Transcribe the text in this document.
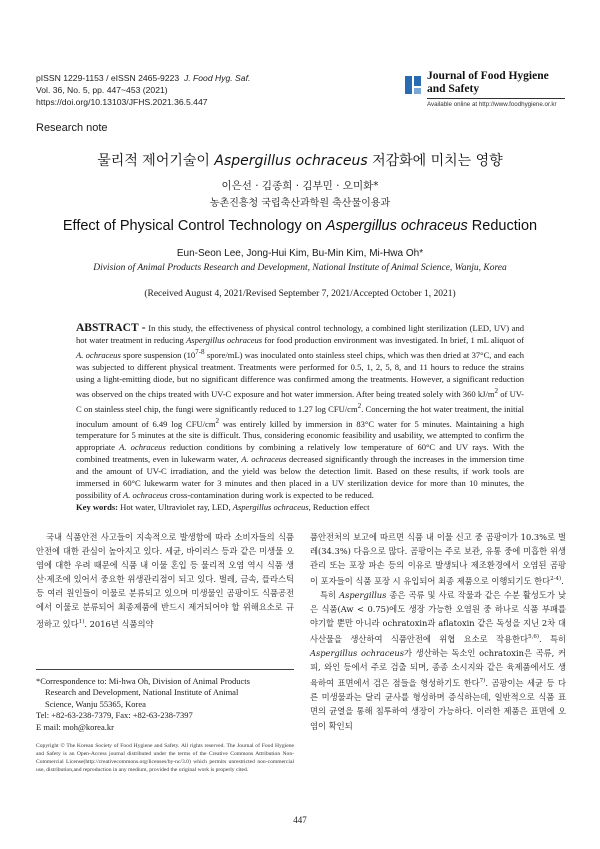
pISSN 1229-1153 / eISSN 2465-9223 J. Food Hyg. Saf.
Vol. 36, No. 5, pp. 447~453 (2021)
https://doi.org/10.13103/JFHS.2021.36.5.447
Journal of Food Hygiene and Safety
Available online at http://www.foodhygiene.or.kr
Research note
물리적 제어기술이 Aspergillus ochraceus 저감화에 미치는 영향
이은선 · 김종희 · 김부민 · 오미화*
농촌진흥청 국립축산과학원 축산물이용과
Effect of Physical Control Technology on Aspergillus ochraceus Reduction
Eun-Seon Lee, Jong-Hui Kim, Bu-Min Kim, Mi-Hwa Oh*
Division of Animal Products Research and Development, National Institute of Animal Science, Wanju, Korea
(Received August 4, 2021/Revised September 7, 2021/Accepted October 1, 2021)
ABSTRACT - In this study, the effectiveness of physical control technology, a combined light sterilization (LED, UV) and hot water treatment in reducing Aspergillus ochraceus for food production environment was investigated. In brief, 1 mL aliquot of A. ochraceus spore suspension (10$^{7-8}$ spore/mL) was inoculated onto stainless steel chips, which was then dried at 37°C, and each was subjected to different physical treatment. Treatments were performed for 0.5, 1, 2, 5, 8, and 11 hours to reduce the strains using a light-emitting diode, but no significant difference was confirmed among the treatments. However, a significant reduction was observed on the chips treated with UV-C exposure and hot water immersion. After being treated solely with 360 $kJ/m^2$ of UV-C on stainless steel chip, the fungi were significantly reduced to 1.27 log CFU/$cm^2$. Concerning the hot water treatment, the initial inoculum amount of 6.49 log CFU/$cm^2$ was entirely killed by immersion in 83°C water for 5 minutes. Maintaining a high temperature for 5 minutes at the site is difficult. Thus, considering economic feasibility and usability, we attempted to confirm the appropriate A. ochraceus reduction conditions by combining a relatively low temperature of 60°C and UV rays. With the combined treatments, even in lukewarm water, A. ochraceus decreased significantly through the increases in the immersion time and the amount of UV-C irradiation, and the yield was below the detection limit. Based on these results, if work tools are immersed in 60°C lukewarm water for 3 minutes and then placed in a UV sterilization device for more than 10 minutes, the possibility of A. ochraceus cross-contamination during work is expected to be reduced.
Key words: Hot water, Ultraviolet ray, LED, Aspergillus ochraceus, Reduction effect
국내 식품안전 사고들이 지속적으로 발생함에 따라 소비자들의 식품안전에 대한 관심이 높아지고 있다. 세균, 바이러스 등과 같은 미생물 오염에 대한 우려 때문에 식품 내 이물 혼입 등 물리적 오염 역시 식품 생산·제조에 있어서 중요한 위생관리점이 되고 있다. 벌레, 금속, 플라스틱 등 여러 원인들이 이물로 분류되고 있으며 미생물인 곰팡이도 식품공전에서 이물로 분류되어 최종제품에 반드시 제거되어야 할 위해요소로 규정하고 있다$^{1)}$. 2016년 식품의약

품안전처의 보고에 따르면 식품 내 이물 신고 중 곰팡이가 10.3%로 벌레(34.3%) 다음으로 많다. 곰팡이는 주로 보관, 유통 중에 미흡한 위생관리 또는 포장 파손 등의 이유로 발생되나 제조환경에서 오염된 곰팡이 포자들이 식품 포장 시 유입되어 최종 제품으로 이행되기도 한다$^{2-4)}$.

특히 Aspergillus 종은 곡류 및 사료 작물과 같은 수분 활성도가 낮은 식품(Aw < 0.75)에도 생장 가능한 오염원 중 하나로 식품 부패를 야기할 뿐만 아니라 ochratoxin과 aflatoxin 같은 독성을 지닌 2차 대사산물을 생산하여 식품안전에 위협 요소로 작용한다$^{5,6)}$. 특히 Aspergillus ochraceus가 생산하는 독소인 ochratoxin은 곡류, 커피, 와인 등에서 주로 검출 되며, 종종 소시지와 같은 육제품에서도 생육하여 표면에서 검은 점들을 형성하기도 한다$^{7)}$. 곰팡이는 세균 등 다른 미생물과는 달리 균사를 형성하며 증식하는데, 일반적으로 식품 표면의 균열을 통해 침투하여 생장이 가능하다. 이러한 제품은 표면에 오염이 확인되

*Correspondence to: Mi-hwa Oh, Division of Animal Products
Research and Development, National Institute of Animal
Science, Wanju 55365, Korea
Tel: +82-63-238-7379, Fax: +82-63-238-7397
E mail: moh@korea.kr
Copyright © The Korean Society of Food Hygiene and Safety. All rights reserved. The Journal of Food Hygiene and Safety is an Open-Access journal distributed under the terms of the Creative Commons Attribution Non-Commercial License(http://creativecommons.org/licenses/by-nc/3.0) which permits unrestricted non-commercial use, distribution,and reproduction in any medium, provided the original work is properly cited.
447
